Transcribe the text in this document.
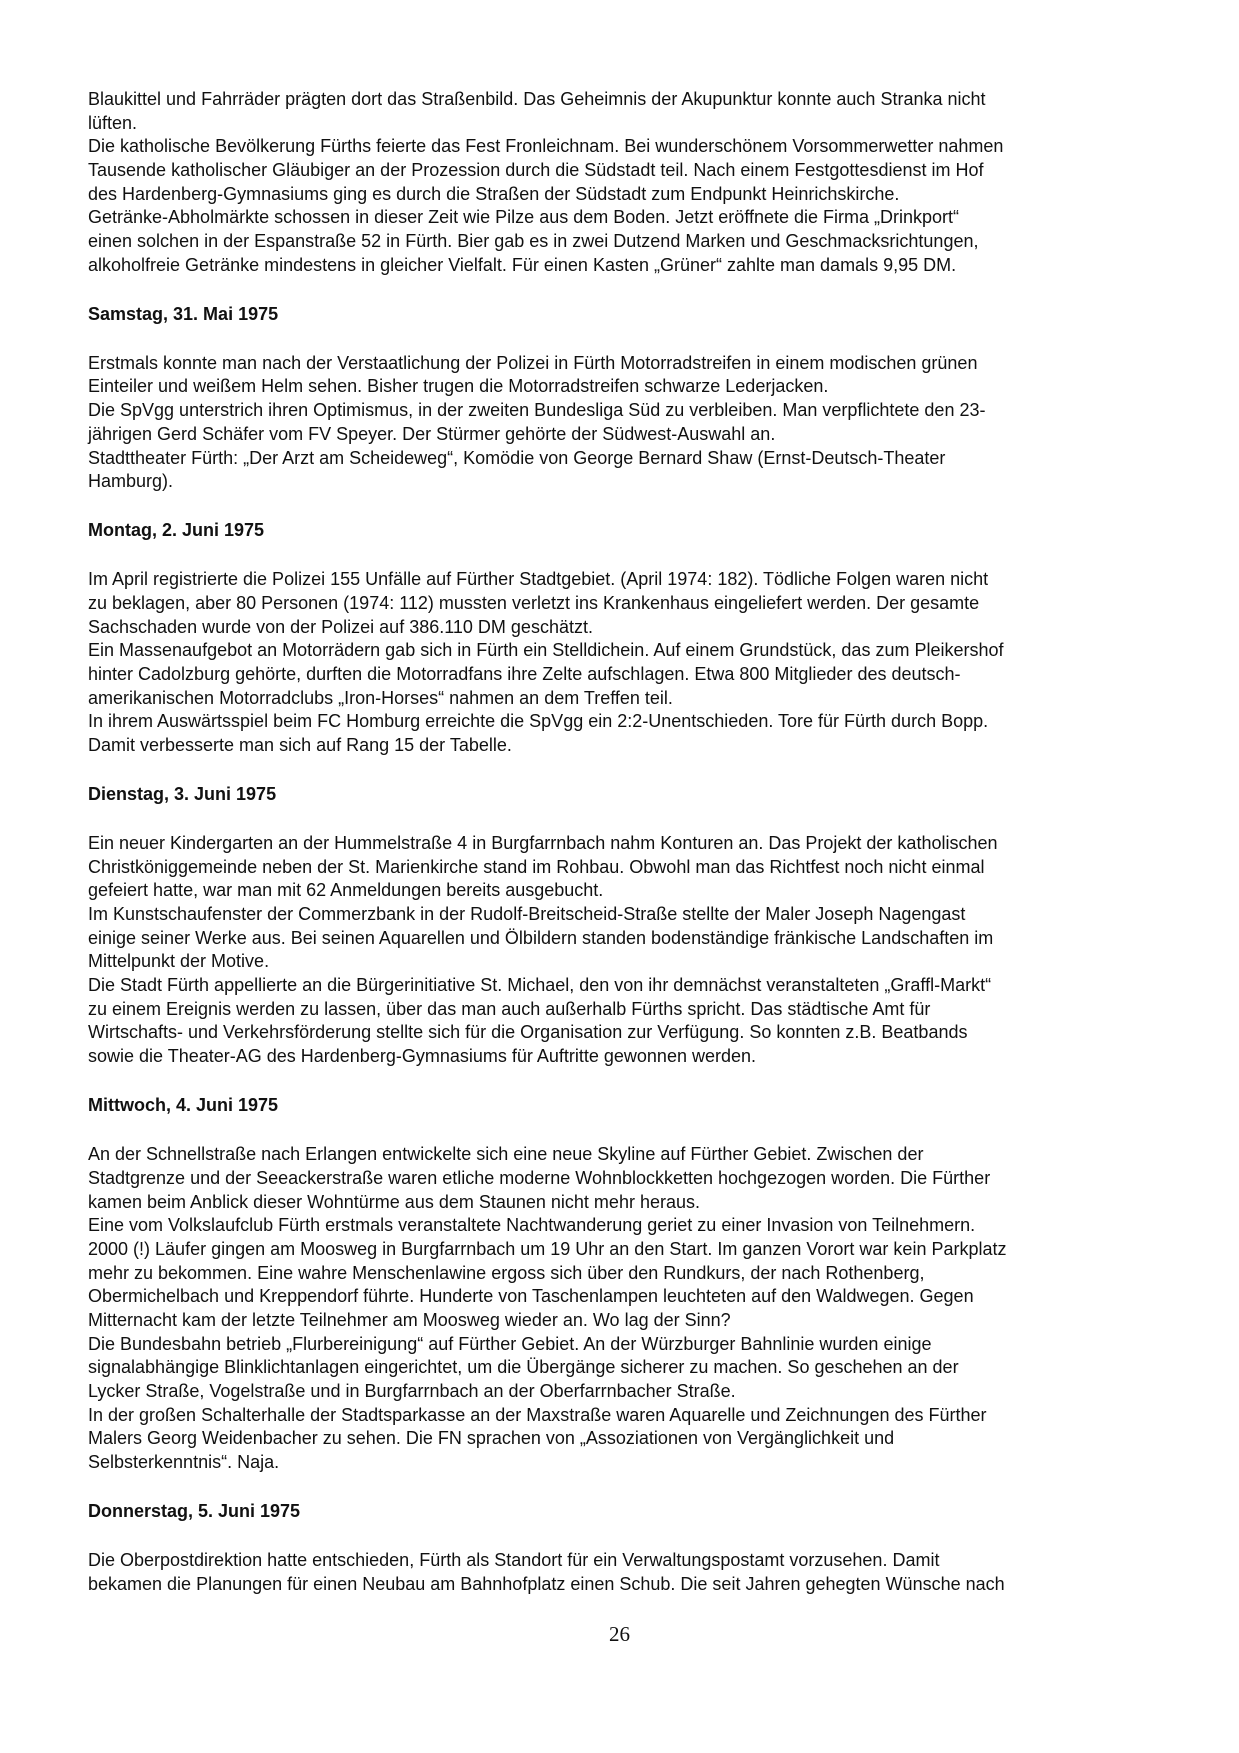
Blaukittel und Fahrräder prägten dort das Straßenbild. Das Geheimnis der Akupunktur konnte auch Stranka nicht
lüften.
Die katholische Bevölkerung Fürths feierte das Fest Fronleichnam. Bei wunderschönem Vorsommerwetter nahmen
Tausende katholischer Gläubiger an der Prozession durch die Südstadt teil. Nach einem Festgottesdienst im Hof
des Hardenberg-Gymnasiums ging es durch die Straßen der Südstadt zum Endpunkt Heinrichskirche.
Getränke-Abholmärkte schossen in dieser Zeit wie Pilze aus dem Boden. Jetzt eröffnete die Firma „Drinkport“
einen solchen in der Espanstraße 52 in Fürth. Bier gab es in zwei Dutzend Marken und Geschmacksrichtungen,
alkoholfreie Getränke mindestens in gleicher Vielfalt. Für einen Kasten „Grüner“ zahlte man damals 9,95 DM.
Samstag, 31. Mai 1975
Erstmals konnte man nach der Verstaatlichung der Polizei in Fürth Motorradstreifen in einem modischen grünen
Einteiler und weißem Helm sehen. Bisher trugen die Motorradstreifen schwarze Lederjacken.
Die SpVgg unterstrich ihren Optimismus, in der zweiten Bundesliga Süd zu verbleiben. Man verpflichtete den 23-
jährigen Gerd Schäfer vom FV Speyer. Der Stürmer gehörte der Südwest-Auswahl an.
Stadttheater Fürth: „Der Arzt am Scheideweg“, Komödie von George Bernard Shaw (Ernst-Deutsch-Theater
Hamburg).
Montag, 2. Juni 1975
Im April registrierte die Polizei 155 Unfälle auf Fürther Stadtgebiet. (April 1974: 182). Tödliche Folgen waren nicht
zu beklagen, aber 80 Personen (1974: 112) mussten verletzt ins Krankenhaus eingeliefert werden. Der gesamte
Sachschaden wurde von der Polizei auf 386.110 DM geschätzt.
Ein Massenaufgebot an Motorrädern gab sich in Fürth ein Stelldichein. Auf einem Grundstück, das zum Pleikershof
hinter Cadolzburg gehörte, durften die Motorradfans ihre Zelte aufschlagen. Etwa 800 Mitglieder des deutsch-
amerikanischen Motorradclubs „Iron-Horses“ nahmen an dem Treffen teil.
In ihrem Auswärtsspiel beim FC Homburg erreichte die SpVgg ein 2:2-Unentschieden. Tore für Fürth durch Bopp.
Damit verbesserte man sich auf Rang 15 der Tabelle.
Dienstag, 3. Juni 1975
Ein neuer Kindergarten an der Hummelstraße 4 in Burgfarrnbach nahm Konturen an. Das Projekt der katholischen
Christköniggemeinde neben der St. Marienkirche stand im Rohbau. Obwohl man das Richtfest noch nicht einmal
gefeiert hatte, war man mit 62 Anmeldungen bereits ausgebucht.
Im Kunstschaufenster der Commerzbank in der Rudolf-Breitscheid-Straße stellte der Maler Joseph Nagengast
einige seiner Werke aus. Bei seinen Aquarellen und Ölbildern standen bodenständige fränkische Landschaften im
Mittelpunkt der Motive.
Die Stadt Fürth appellierte an die Bürgerinitiative St. Michael, den von ihr demnächst veranstalteten „Graffl-Markt“
zu einem Ereignis werden zu lassen, über das man auch außerhalb Fürths spricht. Das städtische Amt für
Wirtschafts- und Verkehrsförderung stellte sich für die Organisation zur Verfügung. So konnten z.B. Beatbands
sowie die Theater-AG des Hardenberg-Gymnasiums für Auftritte gewonnen werden.
Mittwoch, 4. Juni 1975
An der Schnellstraße nach Erlangen entwickelte sich eine neue Skyline auf Fürther Gebiet. Zwischen der
Stadtgrenze und der Seeackerstraße waren etliche moderne Wohnblockketten hochgezogen worden. Die Fürther
kamen beim Anblick dieser Wohntürme aus dem Staunen nicht mehr heraus.
Eine vom Volkslaufclub Fürth erstmals veranstaltete Nachtwanderung geriet zu einer Invasion von Teilnehmern.
2000 (!) Läufer gingen am Moosweg in Burgfarrnbach um 19 Uhr an den Start. Im ganzen Vorort war kein Parkplatz
mehr zu bekommen. Eine wahre Menschenlawine ergoss sich über den Rundkurs, der nach Rothenberg,
Obermichelbach und Kreppendorf führte. Hunderte von Taschenlampen leuchteten auf den Waldwegen. Gegen
Mitternacht kam der letzte Teilnehmer am Moosweg wieder an. Wo lag der Sinn?
Die Bundesbahn betrieb „Flurbereinigung“ auf Fürther Gebiet. An der Würzburger Bahnlinie wurden einige
signalabhängige Blinklichtanlagen eingerichtet, um die Übergänge sicherer zu machen. So geschehen an der
Lycker Straße, Vogelstraße und in Burgfarrnbach an der Oberfarrnbacher Straße.
In der großen Schalterhalle der Stadtsparkasse an der Maxstraße waren Aquarelle und Zeichnungen des Fürther
Malers Georg Weidenbacher zu sehen. Die FN sprachen von „Assoziationen von Vergänglichkeit und
Selbsterkenntnis“. Naja.
Donnerstag, 5. Juni 1975
Die Oberpostdirektion hatte entschieden, Fürth als Standort für ein Verwaltungspostamt vorzusehen. Damit
bekamen die Planungen für einen Neubau am Bahnhofplatz einen Schub. Die seit Jahren gehegten Wünsche nach
26
